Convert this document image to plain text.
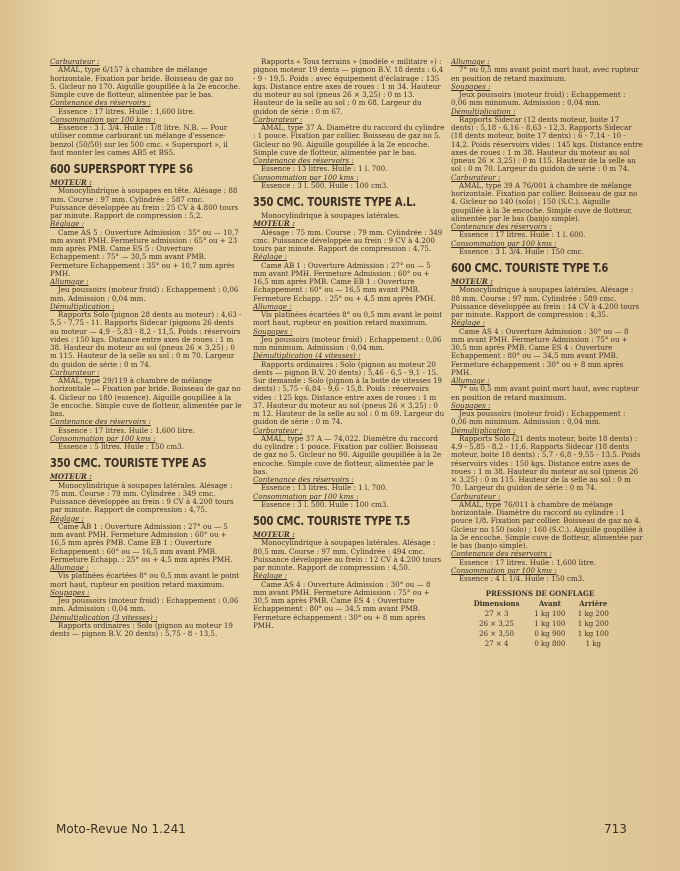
Carburateur :

AMAL, type 6/157 à chambre de mélange horizontale. Fixation par bride. Boisseau de gaz no 5. Gicleur no 170. Aiguille goupillée à la 2e encoche. Simple cuve de flotteur, alimentée par le bas.

Contenance des réservoirs :

Essence : 17 litres. Huile : 1,600 litre.

Consommation par 100 kms :

Essence : 3 l. 3/4. Huile : 1/8 litre. N.B. — Pour utiliser comme carburant un mélange d'essence-benzol (50/50) sur les 500 cmc. « Supersport », il faut monter les cames AB5 et BS5.

600 SUPERSPORT TYPE S6

MOTEUR :

Monocylindrique à soupapes en tête. Alésage : 88 mm. Course : 97 mm. Cylindrée : 587 cmc. Puissance développée au frein : 25 CV à 4.800 tours par minute. Rapport de compression : 5,2.

Réglage :

Came AS 5 : Ouverture Admission : 35° ou — 10,7 mm avant PMH. Fermeture admission : 65° ou + 23 mm après PMB. Came ES 5 : Ouverture Echappement : 75° — 30,5 mm avant PMB. Fermeture Echappement : 35° ou + 10,7 mm après PMH.

Allumage :

Jeu poussoirs (moteur froid) : Echappement : 0,06 mm. Admission : 0,04 mm.

Démultiplication :

Rapports Solo (pignon 28 dents au moteur) : 4,63 - 5,5 - 7,75 - 11. Rapports Sidecar (pignons 26 dents au moteur — 4,9 - 5,83 - 8,2 - 11,5. Poids : réservoirs vides : 150 kgs. Distance entre axes de roues : 1 m 38. Hauteur du moteur au sol (pneus 26 × 3,25) : 0 m 115. Hauteur de la selle au sol : 0 m 70. Largeur du guidon de série : 0 m 74.

Carburateur :

AMAL, type 29/119 à chambre de mélange horizontale — Fixation par bride. Boisseau de gaz no 4. Gicleur no 180 (essence). Aiguille goupillée à la 3e encoche. Simple cuve de flotteur, alimentée par le bas.

Contenance des réservoirs :

Essence : 17 litres. Huile : 1,600 litre.

Consommation par 100 kms :

Essence : 5 litres. Huile : 150 cm3.

350 CMC. TOURISTE TYPE AS

MOTEUR :

Monocylindrique à soupapes latérales. Alésage : 75 mm. Course : 79 mm. Cylindrée : 349 cmc. Puissance développée au frein : 9 CV à 4.200 tours par minute. Rapport de compression : 4,75.

Réglage :

Came AB 1 : Ouverture Admission : 27° ou — 5 mm avant PMH. Fermeture Admission : 60° ou + 16,5 mm après PMB. Came EB 1 : Ouverture Echappement : 60° ou — 16,5 mm avant PMB. Fermeture Echapp. : 25° ou + 4,5 mm après PMH.

Allumage :

Vis platinées écartées 8° ou 0,5 mm avant le point mort haut, rupteur en position retard maximum.

Soupapes :

Jeu poussoirs (moteur froid) : Echappement : 0,06 mm. Admission : 0,04 mm.

Démultiplication (3 vitesses) :

Rapports ordinaires : Solo (pignon au moteur 19 dents — pignon B.V. 20 dents) : 5,75 - 8 - 13,5.

Rapports « Tous terrains » (modèle « militaire ») : pignon moteur 19 dents — pignon B.V. 18 dents : 6,4 - 9 - 19,5. Poids : avec équipement d'éclairage : 135 kgs. Distance entre axes de roues : 1 m 34. Hauteur du moteur au sol (pneus 26 × 3,25) : 0 m 13. Hauteur de la selle au sol : 0 m 68. Largeur du guidon de série : 0 m 67.

Carburateur :

AMAL, type 37 A. Diamètre du raccord du cylindre : 1 pouce. Fixation par collier. Boisseau de gaz no 5. Gicleur no 90. Aiguille goupillée à la 2e encoche. Simple cuve de flotteur, alimentée par le bas.

Contenance des réservoirs :

Essence : 13 litres. Huile : 1 l. 700.

Consommation par 100 kms :

Essence : 3 l. 500. Huile : 100 cm3.

350 CMC. TOURISTE TYPE A.L.

Monocylindrique à soupapes latérales.

MOTEUR :

Alésage : 75 mm. Course : 79 mm. Cylindrée : 349 cmc. Puissance développée au frein : 9 CV à 4.200 tours par minute. Rapport de compression : 4,75.

Réglage :

Came AB 1 : Ouverture Admission : 27° ou — 5 mm avant PMH. Fermeture Admission : 60° ou + 16,5 mm après PMB. Came EB 1 : Ouverture Echappement : 60° ou — 16,5 mm avant PMB. Fermeture Echapp. : 25° ou + 4,5 mm après PMH.

Allumage :

Vis platinées écartées 8° ou 0,5 mm avant le point mort haut, rupteur en position retard maximum.

Soupapes :

Jeu poussoirs (moteur froid) : Echappement : 0,06 mm minimum. Admission : 0,04 mm.

Démultiplication (4 vitesses) :

Rapports ordinaires : Solo (pignon au moteur 20 dents — pignon B.V. 20 dents) : 5,46 - 6,5 - 9,1 - 15. Sur demande : Solo (pignon à la boite de vitesses 19 dents) : 5,75 - 6,84 - 9,6 - 15,8. Poids : réservoirs vides : 125 kgs. Distance entre axes de roues : 1 m 37. Hauteur du moteur au sol (pneus 26 × 3,25) : 0 m 12. Hauteur de la selle au sol : 0 m 69. Largeur du guidon de série : 0 m 74.

Carburateur :

AMAL, type 37 A — 74,022. Diamètre du raccord du cylindre : 1 pouce. Fixation par collier. Boisseau de gaz no 5. Gicleur no 90. Aiguille goupillée à la 2e encoche. Simple cuve de flotteur, alimentée par le bas.

Contenance des réservoirs :

Essence : 13 litres. Huile : 1 l. 700.

Consommation par 100 kms :

Essence : 3 l. 500. Huile : 100 cm3.

500 CMC. TOURISTE TYPE T.5

MOTEUR :

Monocylindrique à soupapes latérales. Alésage : 80,5 mm. Course : 97 mm. Cylindrée : 494 cmc. Puissance développée au frein : 12 CV à 4.200 tours par minute. Rapport de compression : 4,50.

Réglage :

Came AS 4 : Ouverture Admission : 30° ou — 8 mm avant PMH. Fermeture Admission : 75° ou + 30,5 mm après PMB. Came ES 4 : Ouverture Echappement : 80° ou — 34,5 mm avant PMB. Fermeture échappement : 30° ou + 8 mm après PMH.

Allumage :

7° ou 0,5 mm avant point mort haut, avec rupteur en position de retard maximum.

Soupapes :

Jeux poussoirs (moteur froid) : Echappement : 0,06 mm minimum. Admission : 0,04 mm.

Démultiplication :

Rapports Sidecar (12 dents moteur, boite 17 dents) : 5,18 - 6,16 - 8,63 - 12,3. Rapports Sidecar (18 dents moteur, boite 17 dents) : 6 - 7,14 - 10 - 14,2. Poids réservoirs vides : 145 kgs. Distance entre axes de roues : 1 m 38. Hauteur du moteur au sol (pneus 26 × 3,25) : 0 m 115. Hauteur de la selle au sol : 0 m 70. Largeur du guidon de série : 0 m 74.

Carburateur :

AMAL, type 39 A 76/001 à chambre de mélange horizontale. Fixation par collier. Boisseau de gaz no 4. Gicleur no 140 (solo) ; 150 (S.C.). Aiguille goupillée à la 3e encoche. Simple cuve de flotteur, alimentée par le bas (banjo simple).

Contenance des réservoirs :

Essence : 17 litres. Huile : 1 l. 600.

Consommation par 100 kms :

Essence : 3 l. 3/4. Huile : 150 cmc.

600 CMC. TOURISTE TYPE T.6

MOTEUR :

Monocylindrique à soupapes latérales. Alésage : 88 mm. Course : 97 mm. Cylindrée : 589 cmc. Puissance développée au frein : 14 CV à 4.200 tours par minute. Rapport de compression : 4,35.

Réglage :

Came AS 4 : Ouverture Admission : 30° ou — 8 mm avant PMH. Fermeture Admission : 75° ou + 30,5 mm après PMB. Came ES 4 : Ouverture Echappement : 80° ou — 34,5 mm avant PMB. Fermeture échappement : 30° ou + 8 mm après PMH.

Allumage :

7° ou 0,5 mm avant point mort haut, avec rupteur en position de retard maximum.

Soupapes :

Jeux poussoirs (moteur froid) : Echappement : 0,06 mm minimum. Admission : 0,04 mm.

Démultiplication :

Rapports Solo (21 dents moteur, boite 18 dents) : 4,9 - 5,85 - 8,2 - 11,6. Rapports Sidecar (18 dents moteur, boite 18 dents) : 5,7 - 6,8 - 9,55 - 13,5. Poids réservoirs vides : 150 kgs. Distance entre axes de roues : 1 m 38. Hauteur du moteur au sol (pneus 26 × 3,25) : 0 m 115. Hauteur de la selle au sol : 0 m 70. Largeur du guidon de série : 0 m 74.

Carburateur :

AMAL, type 76/011 à chambre de mélange horizontale. Diamètre du raccord au cylindre : 1 pouce 1/8. Fixation par collier. Boisseau de gaz no 4. Gicleur no 150 (solo) ; 160 (S.C.). Aiguille goupillée à la 3e encoche. Simple cuve de flotteur, alimentée par le bas (banjo simple).

Contenance des réservoirs :

Essence : 17 litres. Huile : 1,600 litre.

Consommation par 100 kms :

Essence : 4 l. 1/4. Huile : 150 cm3.

PRESSIONS DE GONFLAGE		
Dimensions	Avant	Arrière
27 × 3	1 kg 100	1 kg 200
26 × 3,25	1 kg 100	1 kg 200
26 × 3,50	0 kg 900	1 kg 100
27 × 4	0 kg 800	1 kg
Moto-Revue No 1.241	713
